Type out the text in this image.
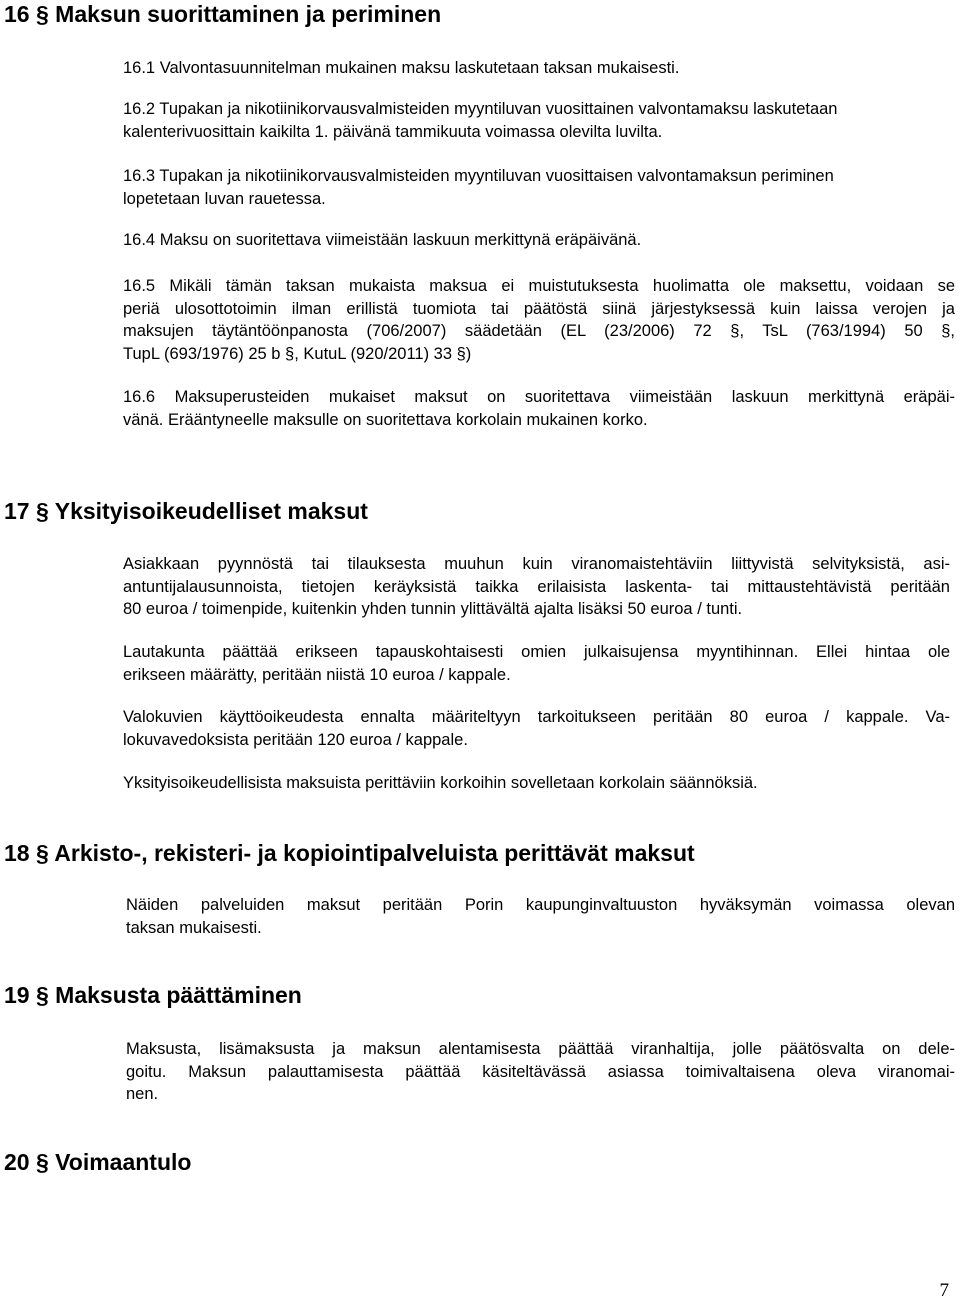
16 § Maksun suorittaminen ja periminen

16.1 Valvontasuunnitelman mukainen maksu laskutetaan taksan mukaisesti.

16.2 Tupakan ja nikotiinikorvausvalmisteiden myyntiluvan vuosittainen valvontamaksu laskutetaan
kalenterivuosittain kaikilta 1. päivänä tammikuuta voimassa olevilta luvilta.

16.3 Tupakan ja nikotiinikorvausvalmisteiden myyntiluvan vuosittaisen valvontamaksun periminen
lopetetaan luvan rauetessa.

16.4 Maksu on suoritettava viimeistään laskuun merkittynä eräpäivänä.

16.5 Mikäli tämän taksan mukaista maksua ei muistutuksesta huolimatta ole maksettu, voidaan se
periä ulosottotoimin ilman erillistä tuomiota tai päätöstä siinä järjestyksessä kuin laissa verojen ja
maksujen täytäntöönpanosta (706/2007) säädetään (EL (23/2006) 72 §, TsL (763/1994) 50 §,
TupL (693/1976) 25 b §, KutuL (920/2011) 33 §)

16.6 Maksuperusteiden mukaiset maksut on suoritettava viimeistään laskuun merkittynä eräpäi-
vänä. Erääntyneelle maksulle on suoritettava korkolain mukainen korko.

17 § Yksityisoikeudelliset maksut

Asiakkaan pyynnöstä tai tilauksesta muuhun kuin viranomaistehtäviin liittyvistä selvityksistä, asi-
antuntijalausunnoista, tietojen keräyksistä taikka erilaisista laskenta- tai mittaustehtävistä peritään
80 euroa / toimenpide, kuitenkin yhden tunnin ylittävältä ajalta lisäksi 50 euroa / tunti.

Lautakunta päättää erikseen tapauskohtaisesti omien julkaisujensa myyntihinnan. Ellei hintaa ole
erikseen määrätty, peritään niistä 10 euroa / kappale.

Valokuvien käyttöoikeudesta ennalta määriteltyyn tarkoitukseen peritään 80 euroa / kappale. Va-
lokuvavedoksista peritään 120 euroa / kappale.

Yksityisoikeudellisista maksuista perittäviin korkoihin sovelletaan korkolain säännöksiä.

18 § Arkisto-, rekisteri- ja kopiointipalveluista perittävät maksut

Näiden palveluiden maksut peritään Porin kaupunginvaltuuston hyväksymän voimassa olevan
taksan mukaisesti.

19 § Maksusta päättäminen

Maksusta, lisämaksusta ja maksun alentamisesta päättää viranhaltija, jolle päätösvalta on dele-
goitu. Maksun palauttamisesta päättää käsiteltävässä asiassa toimivaltaisena oleva viranomai-
nen.

20 § Voimaantulo
7
